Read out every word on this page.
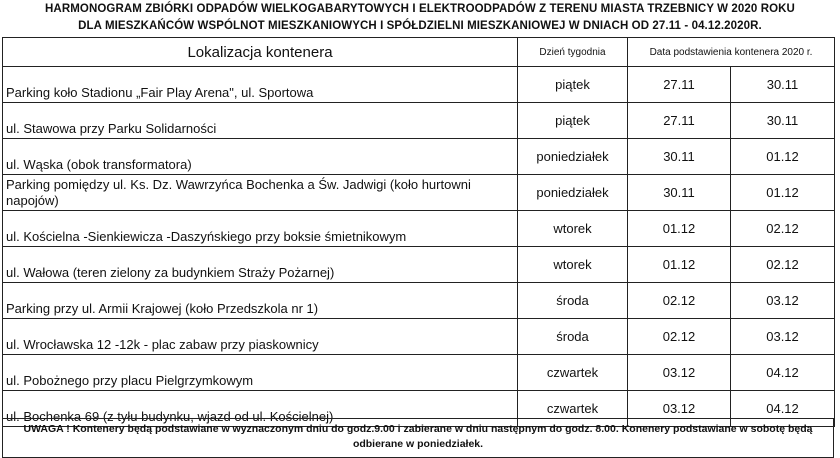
HARMONOGRAM ZBIÓRKI ODPADÓW WIELKOGABARYTOWYCH I ELEKTROODPADÓW Z TERENU MIASTA TRZEBNICY W 2020 ROKU
DLA MIESZKAŃCÓW WSPÓLNOT MIESZKANIOWYCH I SPÓŁDZIELNI MIESZKANIOWEJ W DNIACH OD 27.11 - 04.12.2020R.
Lokalizacja kontenera	Dzień tygodnia	Data podstawienia kontenera 2020 r.	
Parking koło Stadionu „Fair Play Arena", ul. Sportowa	piątek	27.11	30.11
ul. Stawowa przy Parku Solidarności	piątek	27.11	30.11
ul. Wąska (obok transformatora)	poniedziałek	30.11	01.12
Parking pomiędzy ul. Ks. Dz. Wawrzyńca Bochenka a Św. Jadwigi (koło hurtowni napojów)	poniedziałek	30.11	01.12
ul. Kościelna -Sienkiewicza -Daszyńskiego przy boksie śmietnikowym	wtorek	01.12	02.12
ul. Wałowa (teren zielony za budynkiem Straży Pożarnej)	wtorek	01.12	02.12
Parking przy ul. Armii Krajowej (koło Przedszkola nr 1)	środa	02.12	03.12
ul. Wrocławska 12 -12k - plac zabaw przy piaskownicy	środa	02.12	03.12
ul. Pobożnego przy placu Pielgrzymkowym	czwartek	03.12	04.12
ul. Bochenka 69 (z tyłu budynku, wjazd od ul. Kościelnej)	czwartek	03.12	04.12
UWAGA ! Kontenery będą podstawiane w wyznaczonym dniu do godz.9.00 i zabierane w dniu następnym do godz. 8.00. Konenery podstawiane w sobotę będą odbierane w poniedziałek.
